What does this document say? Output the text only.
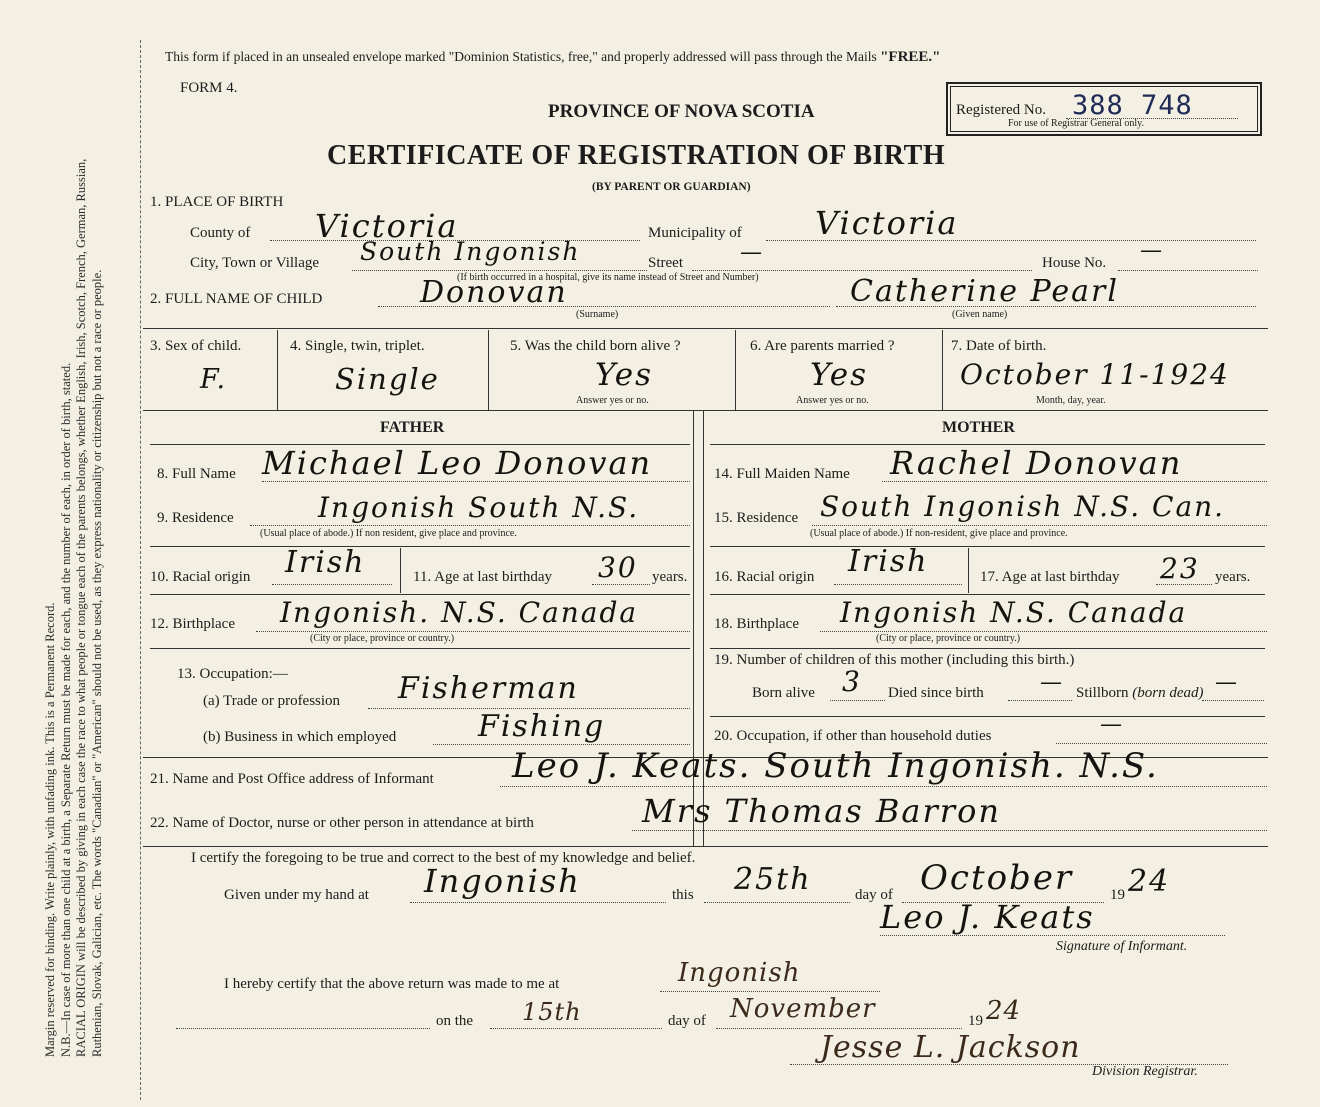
Margin reserved for binding. Write plainly, with unfading ink. This is a Permanent Record. N.B.—In case of more than one child at a birth, a Separate Return must be made for each, and the number of each, in order of birth, stated. RACIAL ORIGIN will be described by giving in each case the race to what people or tongue each of the parents belongs, whether English, Irish, Scotch, French, German, Russian, Ruthenian, Slovak, Galician, etc. The words "Canadian" or "American" should not be used, as they express nationality or citizenship but not a race or people.
This form if placed in an unsealed envelope marked "Dominion Statistics, free," and properly addressed will pass through the Mails "FREE."
FORM 4.
PROVINCE OF NOVA SCOTIA
CERTIFICATE OF REGISTRATION OF BIRTH
(BY PARENT OR GUARDIAN)
Registered No. 388 748
For use of Registrar General only.
1. PLACE OF BIRTH
County of Victoria	Municipality of Victoria
City, Town or Village South Ingonish	Street	—	House No. —
(If birth occurred in a hospital, give its name instead of Street and Number)
2. FULL NAME OF CHILD	Donovan
(Surname)
Catherine Pearl
(Given name)
3. Sex of child.
F.
4. Single, twin, triplet.
Single
5. Was the child born alive ?
Yes
Answer yes or no.
6. Are parents married ?
Yes
Answer yes or no.
7. Date of birth.
October 11-1924
Month, day, year.
FATHER	MOTHER
8. Full Name Michael Leo Donovan
9. Residence	Ingonish South N.S.
(Usual place of abode.) If non resident, give place and province.
10. Racial origin Irish	11. Age at last birthday 30 years.
12. Birthplace Ingonish. N.S. Canada
(City or place, province or country.)
13. Occupation:—
(a) Trade or profession Fisherman
(b) Business in which employed	Fishing
14. Full Maiden Name Rachel Donovan
15. Residence South Ingonish N.S. Can.
(Usual place of abode.) If non-resident, give place and province.
16. Racial origin Irish	17. Age at last birthday 23 years.
18. Birthplace Ingonish N.S. Canada
(City or place, province or country.)
19. Number of children of this mother (including this birth.)
Born alive 3 Died since birth	— Stillborn (born dead) —
20. Occupation, if other than household duties	—
21. Name and Post Office address of Informant Leo J. Keats. South Ingonish. N.S.
22. Name of Doctor, nurse or other person in attendance at birth	Mrs Thomas Barron
I certify the foregoing to be true and correct to the best of my knowledge and belief.
Given under my hand at Ingonish	this 25th	day of October 19 24
Leo J. Keats
Signature of Informant.
I hereby certify that the above return was made to me at	Ingonish
on the 15th	day of November	19 24
Jesse L. Jackson
Division Registrar.
